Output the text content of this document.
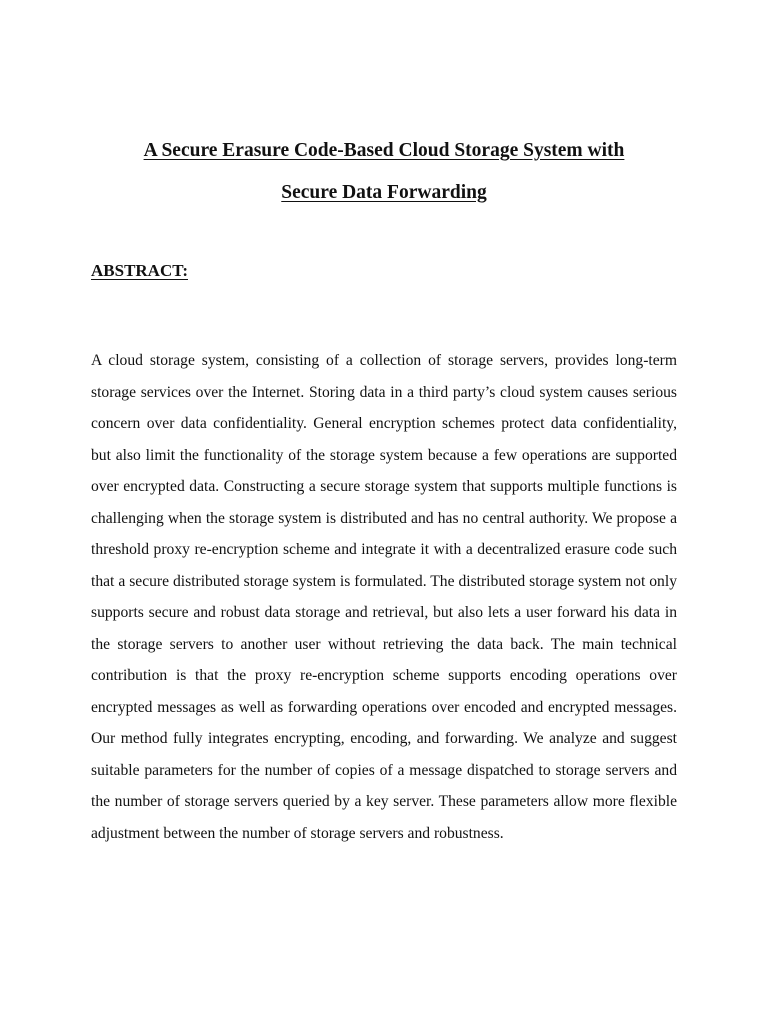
A Secure Erasure Code-Based Cloud Storage System with
Secure Data Forwarding
ABSTRACT:

A cloud storage system, consisting of a collection of storage servers, provides long-term storage services over the Internet. Storing data in a third party’s cloud system causes serious concern over data confidentiality. General encryption schemes protect data confidentiality, but also limit the functionality of the storage system because a few operations are supported over encrypted data. Constructing a secure storage system that supports multiple functions is challenging when the storage system is distributed and has no central authority. We propose a threshold proxy re-encryption scheme and integrate it with a decentralized erasure code such that a secure distributed storage system is formulated. The distributed storage system not only supports secure and robust data storage and retrieval, but also lets a user forward his data in the storage servers to another user without retrieving the data back. The main technical contribution is that the proxy re-encryption scheme supports encoding operations over encrypted messages as well as forwarding operations over encoded and encrypted messages. Our method fully integrates encrypting, encoding, and forwarding. We analyze and suggest suitable parameters for the number of copies of a message dispatched to storage servers and the number of storage servers queried by a key server. These parameters allow more flexible adjustment between the number of storage servers and robustness.
